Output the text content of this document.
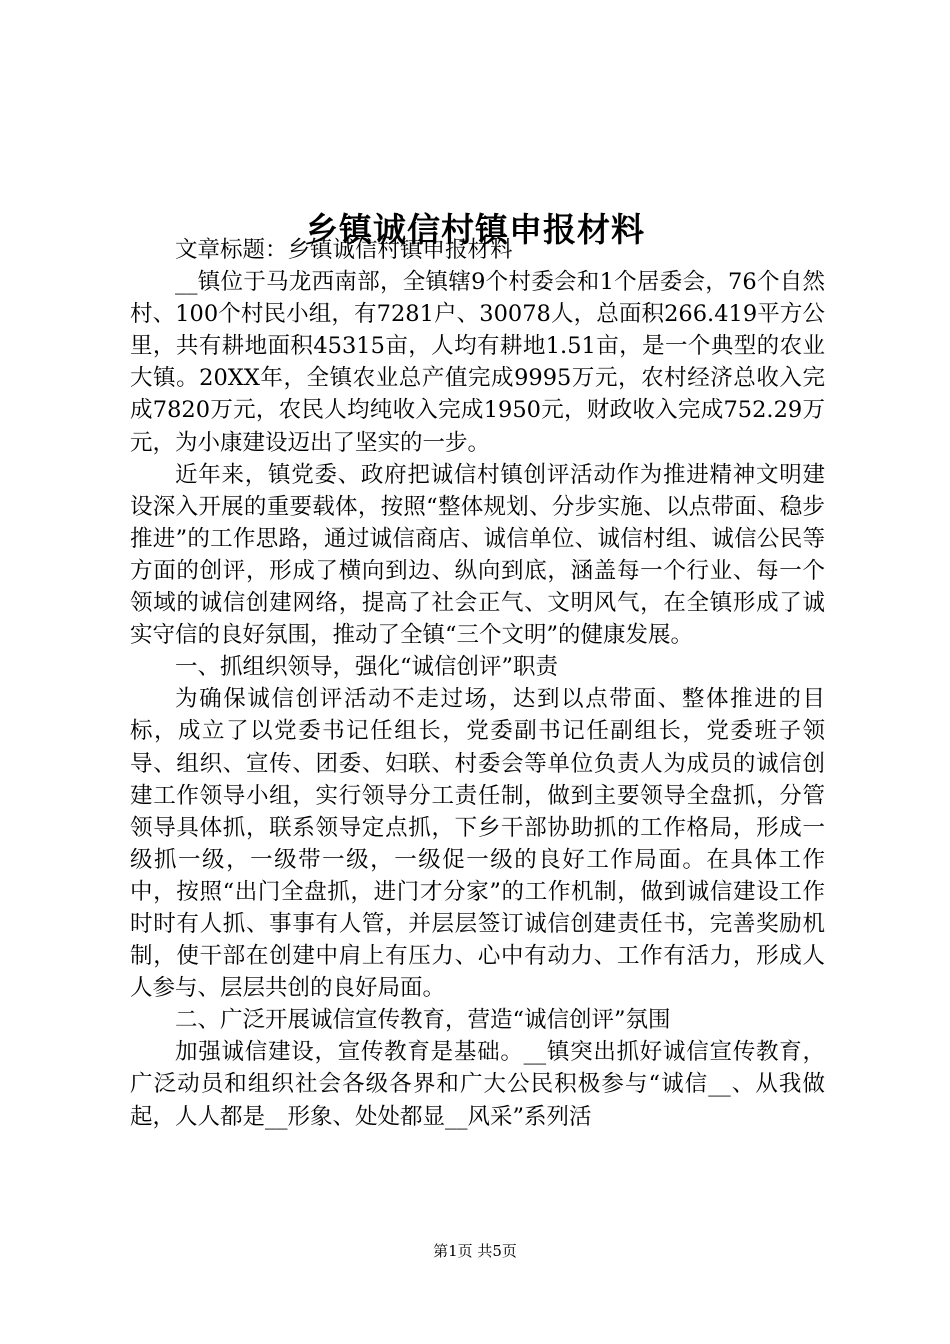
乡镇诚信村镇申报材料

文章标题：乡镇诚信村镇申报材料

__镇位于马龙西南部，全镇辖9个村委会和1个居委会，76个自然村、100个村民小组，有7281户、30078人，总面积266.419平方公里，共有耕地面积45315亩，人均有耕地1.51亩，是一个典型的农业大镇。20XX年，全镇农业总产值完成9995万元，农村经济总收入完成7820万元，农民人均纯收入完成1950元，财政收入完成752.29万元，为小康建设迈出了坚实的一步。

近年来，镇党委、政府把诚信村镇创评活动作为推进精神文明建设深入开展的重要载体，按照“整体规划、分步实施、以点带面、稳步推进”的工作思路，通过诚信商店、诚信单位、诚信村组、诚信公民等方面的创评，形成了横向到边、纵向到底，涵盖每一个行业、每一个领域的诚信创建网络，提高了社会正气、文明风气，在全镇形成了诚实守信的良好氛围，推动了全镇“三个文明”的健康发展。

一、抓组织领导，强化“诚信创评”职责

为确保诚信创评活动不走过场，达到以点带面、整体推进的目标，成立了以党委书记任组长，党委副书记任副组长，党委班子领导、组织、宣传、团委、妇联、村委会等单位负责人为成员的诚信创建工作领导小组，实行领导分工责任制，做到主要领导全盘抓，分管领导具体抓，联系领导定点抓，下乡干部协助抓的工作格局，形成一级抓一级，一级带一级，一级促一级的良好工作局面。在具体工作中，按照“出门全盘抓，进门才分家”的工作机制，做到诚信建设工作时时有人抓、事事有人管，并层层签订诚信创建责任书，完善奖励机制，使干部在创建中肩上有压力、心中有动力、工作有活力，形成人人参与、层层共创的良好局面。

二、广泛开展诚信宣传教育，营造“诚信创评”氛围

加强诚信建设，宣传教育是基础。__镇突出抓好诚信宣传教育，广泛动员和组织社会各级各界和广大公民积极参与“诚信__、从我做起，人人都是__形象、处处都显__风采”系列活

第1页 共5页
